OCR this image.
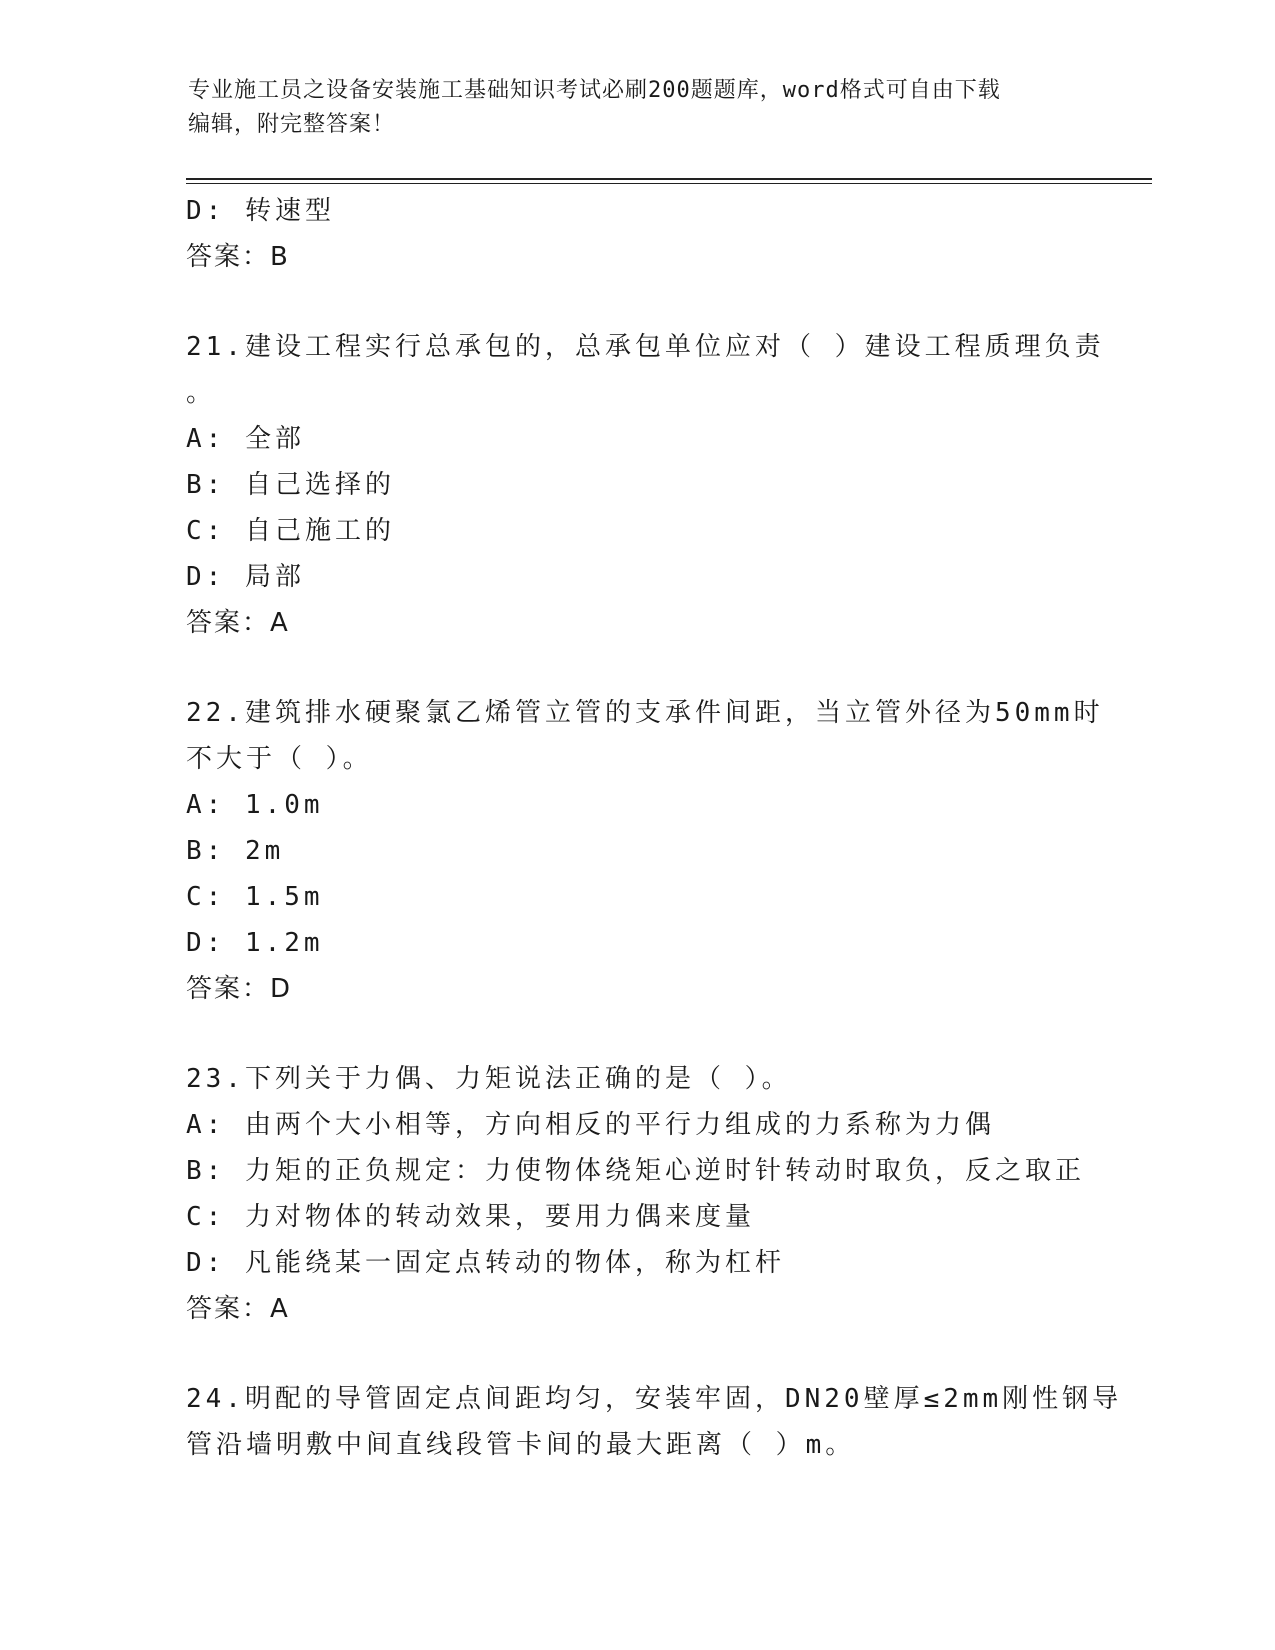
专业施工员之设备安装施工基础知识考试必刷200题题库，word格式可自由下载
编辑，附完整答案！
D: 转速型
答案：B
21.建设工程实行总承包的，总承包单位应对（ ）建设工程质理负责
。
A: 全部
B: 自己选择的
C: 自己施工的
D: 局部
答案：A
22.建筑排水硬聚氯乙烯管立管的支承件间距，当立管外径为50mm时
不大于（ ）。
A: 1.0m
B: 2m
C: 1.5m
D: 1.2m
答案：D
23.下列关于力偶、力矩说法正确的是（ ）。
A: 由两个大小相等，方向相反的平行力组成的力系称为力偶
B: 力矩的正负规定：力使物体绕矩心逆时针转动时取负，反之取正
C: 力对物体的转动效果，要用力偶来度量
D: 凡能绕某一固定点转动的物体，称为杠杆
答案：A
24.明配的导管固定点间距均匀，安装牢固，DN20壁厚≤2mm刚性钢导
管沿墙明敷中间直线段管卡间的最大距离（ ）m。
